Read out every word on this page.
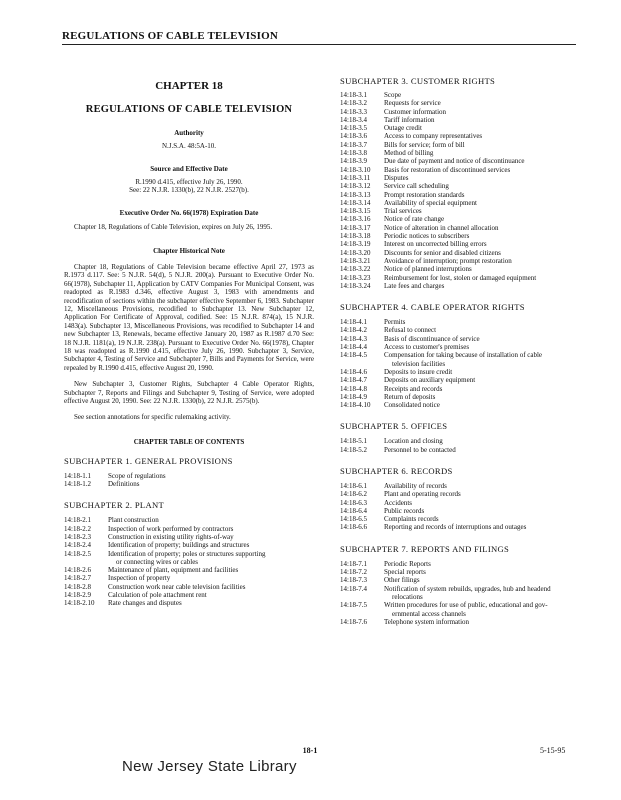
REGULATIONS OF CABLE TELEVISION
CHAPTER 18
REGULATIONS OF CABLE TELEVISION
Authority
N.J.S.A. 48:5A-10.
Source and Effective Date
R.1990 d.415, effective July 26, 1990.
See: 22 N.J.R. 1330(b), 22 N.J.R. 2527(b).
Executive Order No. 66(1978) Expiration Date
Chapter 18, Regulations of Cable Television, expires on July 26, 1995.
Chapter Historical Note
Chapter 18, Regulations of Cable Television became effective April 27, 1973 as R.1973 d.117. See: 5 N.J.R. 54(d), 5 N.J.R. 200(a). Pursuant to Executive Order No. 66(1978), Subchapter 11, Application by CATV Companies For Municipal Consent, was readopted as R.1983 d.346, effective August 3, 1983 with amendments and recodification of sections within the subchapter effective September 6, 1983. Subchapter 12, Miscellaneous Provisions, recodified to Subchapter 13. New Subchapter 12, Application For Certificate of Approval, codified. See: 15 N.J.R. 874(a), 15 N.J.R. 1483(a). Subchapter 13, Miscellaneous Provisions, was recodified to Subchapter 14 and new Subchapter 13, Renewals, became effective January 20, 1987 as R.1987 d.70 See: 18 N.J.R. 1181(a), 19 N.J.R. 238(a). Pursuant to Executive Order No. 66(1978), Chapter 18 was readopted as R.1990 d.415, effective July 26, 1990. Subchapter 3, Service, Subchapter 4, Testing of Service and Subchapter 7, Bills and Payments for Service, were repealed by R.1990 d.415, effective August 20, 1990.
New Subchapter 3, Customer Rights, Subchapter 4 Cable Operator Rights, Subchapter 7, Reports and Filings and Subchapter 9, Testing of Service, were adopted effective August 20, 1990. See: 22 N.J.R. 1330(b), 22 N.J.R. 2575(b).
See section annotations for specific rulemaking activity.
CHAPTER TABLE OF CONTENTS
SUBCHAPTER 1. GENERAL PROVISIONS
14:18-1.1	Scope of regulations
14:18-1.2	Definitions
SUBCHAPTER 2. PLANT
14:18-2.1	Plant construction
14:18-2.2	Inspection of work performed by contractors
14:18-2.3	Construction in existing utility rights-of-way
14:18-2.4	Identification of property; buildings and structures
14:18-2.5	Identification of property; poles or structures supporting
or connecting wires or cables
14:18-2.6	Maintenance of plant, equipment and facilities
14:18-2.7	Inspection of property
14:18-2.8	Construction work near cable television facilities
14:18-2.9	Calculation of pole attachment rent
14:18-2.10	Rate changes and disputes
SUBCHAPTER 3. CUSTOMER RIGHTS
14:18-3.1	Scope
14:18-3.2	Requests for service
14:18-3.3	Customer information
14:18-3.4	Tariff information
14:18-3.5	Outage credit
14:18-3.6	Access to company representatives
14:18-3.7	Bills for service; form of bill
14:18-3.8	Method of billing
14:18-3.9	Due date of payment and notice of discontinuance
14:18-3.10	Basis for restoration of discontinued services
14:18-3.11	Disputes
14:18-3.12	Service call scheduling
14:18-3.13	Prompt restoration standards
14:18-3.14	Availability of special equipment
14:18-3.15	Trial services
14:18-3.16	Notice of rate change
14:18-3.17	Notice of alteration in channel allocation
14:18-3.18	Periodic notices to subscribers
14:18-3.19	Interest on uncorrected billing errors
14:18-3.20	Discounts for senior and disabled citizens
14:18-3.21	Avoidance of interruption; prompt restoration
14:18-3.22	Notice of planned interruptions
14:18-3.23	Reimbursement for lost, stolen or damaged equipment
14:18-3.24	Late fees and charges
SUBCHAPTER 4. CABLE OPERATOR RIGHTS
14:18-4.1	Permits
14:18-4.2	Refusal to connect
14:18-4.3	Basis of discontinuance of service
14:18-4.4	Access to customer's premises
14:18-4.5	Compensation for taking because of installation of cable
television facilities
14:18-4.6	Deposits to insure credit
14:18-4.7	Deposits on auxiliary equipment
14:18-4.8	Receipts and records
14:18-4.9	Return of deposits
14:18-4.10	Consolidated notice
SUBCHAPTER 5. OFFICES
14:18-5.1	Location and closing
14:18-5.2	Personnel to be contacted
SUBCHAPTER 6. RECORDS
14:18-6.1	Availability of records
14:18-6.2	Plant and operating records
14:18-6.3	Accidents
14:18-6.4	Public records
14:18-6.5	Complaints records
14:18-6.6	Reporting and records of interruptions and outages
SUBCHAPTER 7. REPORTS AND FILINGS
14:18-7.1	Periodic Reports
14:18-7.2	Special reports
14:18-7.3	Other filings
14:18-7.4	Notification of system rebuilds, upgrades, hub and headend
relocations
14:18-7.5	Written procedures for use of public, educational and gov-
ernmental access channels
14:18-7.6	Telephone system information
18-1	5-15-95
New Jersey State Library
